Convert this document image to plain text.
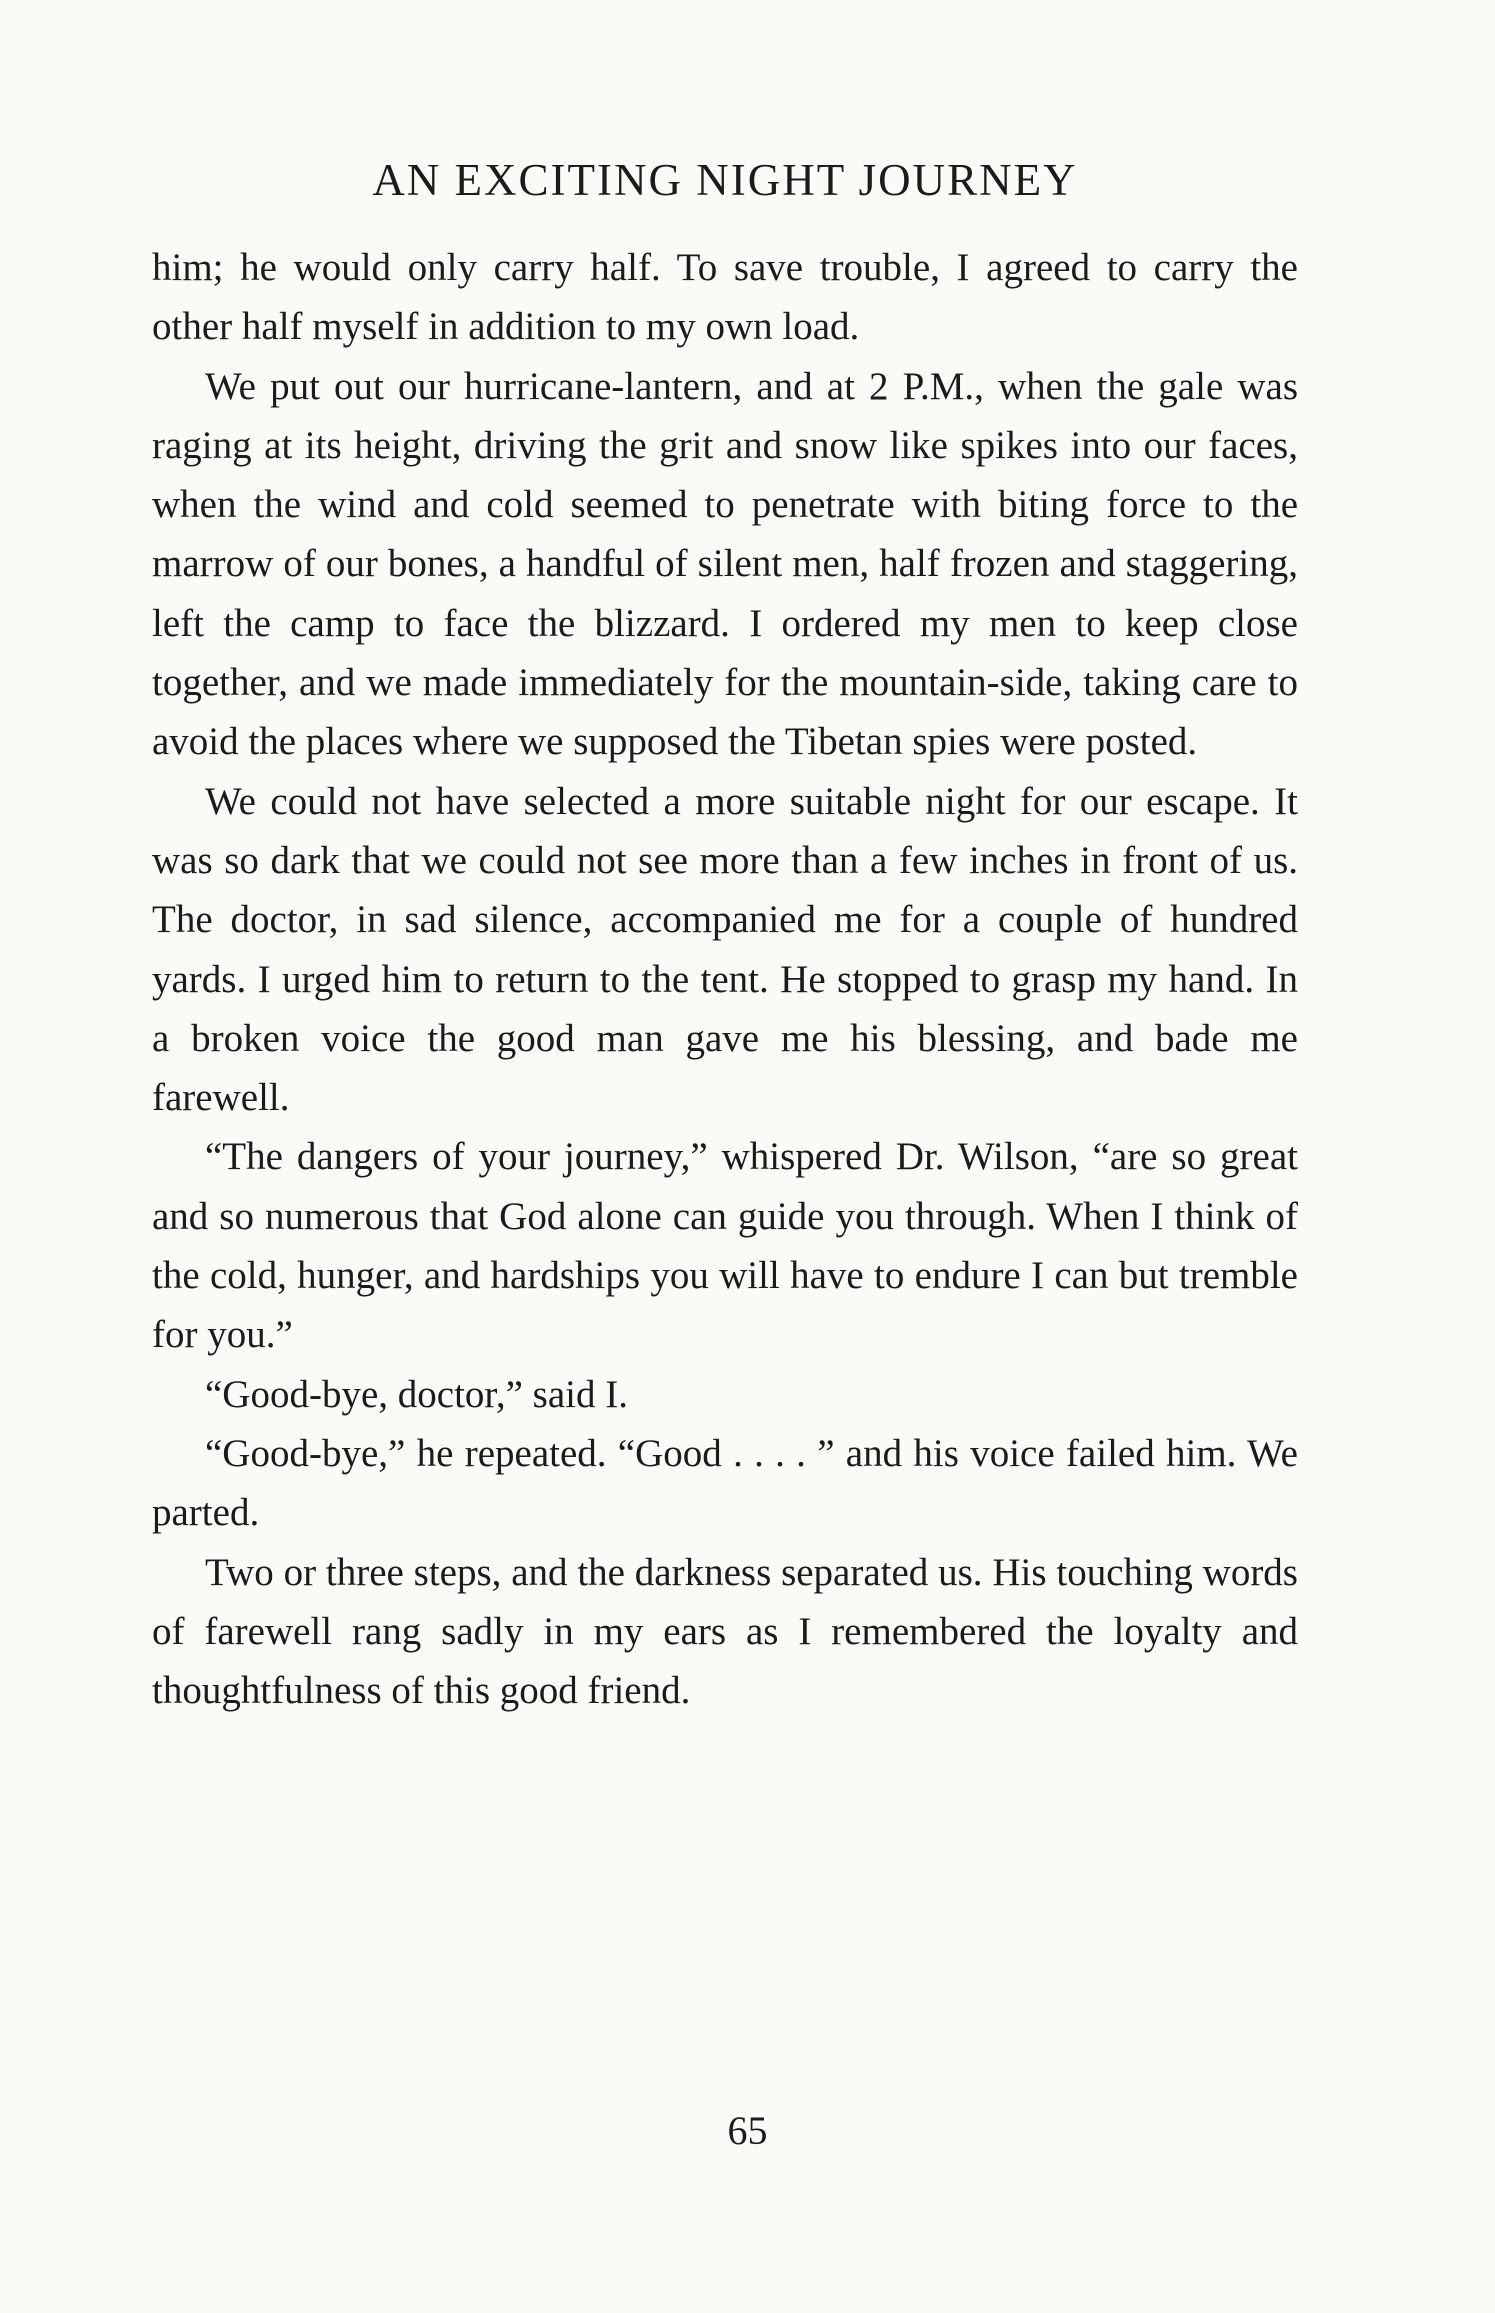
AN EXCITING NIGHT JOURNEY

him; he would only carry half. To save trouble, I agreed to carry the other half myself in addition to my own load.

We put out our hurricane-lantern, and at 2 P.M., when the gale was raging at its height, driving the grit and snow like spikes into our faces, when the wind and cold seemed to penetrate with biting force to the marrow of our bones, a handful of silent men, half frozen and staggering, left the camp to face the blizzard. I ordered my men to keep close together, and we made immediately for the mountain-side, taking care to avoid the places where we supposed the Tibetan spies were posted.

We could not have selected a more suitable night for our escape. It was so dark that we could not see more than a few inches in front of us. The doctor, in sad silence, accompanied me for a couple of hundred yards. I urged him to return to the tent. He stopped to grasp my hand. In a broken voice the good man gave me his blessing, and bade me farewell.

“The dangers of your journey,” whispered Dr. Wilson, “are so great and so numerous that God alone can guide you through. When I think of the cold, hunger, and hardships you will have to endure I can but tremble for you.”

“Good-bye, doctor,” said I.

“Good-bye,” he repeated. “Good . . . . ” and his voice failed him. We parted.

Two or three steps, and the darkness separated us. His touching words of farewell rang sadly in my ears as I remembered the loyalty and thoughtfulness of this good friend.

65
